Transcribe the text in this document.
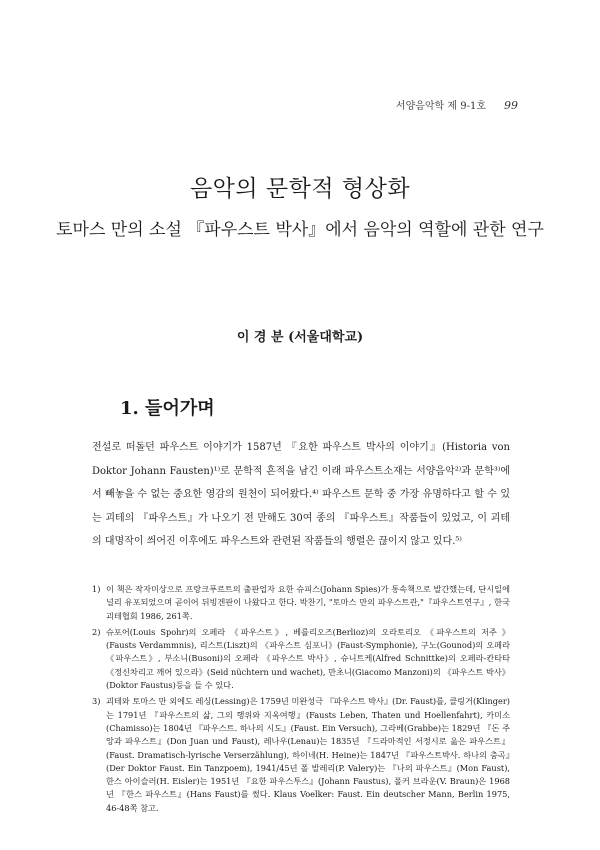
서양음악학 제 9-1호 99
음악의 문학적 형상화
토마스 만의 소설 『파우스트 박사』에서 음악의 역할에 관한 연구
이 경 분 (서울대학교)
1. 들어가며

전설로 떠돌던 파우스트 이야기가 1587년 『요한 파우스트 박사의 이야기』(Historia von Doktor Johann Fausten)¹⁾로 문학적 흔적을 남긴 이래 파우스트소재는 서양음악²⁾과 문학³⁾에서 빼놓을 수 없는 중요한 영감의 원천이 되어왔다.⁴⁾ 파우스트 문학 중 가장 유명하다고 할 수 있는 괴테의 『파우스트』가 나오기 전 만해도 30여 종의 『파우스트』작품들이 있었고, 이 괴테의 대명작이 씌어진 이후에도 파우스트와 관련된 작품들의 행렬은 끊이지 않고 있다.⁵⁾

1) 이 책은 작자미상으로 프랑크푸르트의 출판업자 요한 슈피스(Johann Spies)가 통속책으로 발간했는데, 단시일에 널리 유포되었으며 곧이어 뒤빙겐판이 나왔다고 한다. 박찬기, "토마스 만의 파우스트관,"『파우스트연구』, 한국괴테협회 1986, 261쪽.
2) 슈포어(Louis Spohr)의 오페라 《파우스트》, 베를리오즈(Berlioz)의 오라토리오 《파우스트의 저주 》(Fausts Verdammnis), 리스트(Liszt)의 《파우스트 심포니》(Faust-Symphonie), 구노(Gounod)의 오페라 《파우스트》, 부소니(Busoni)의 오페라 《파우스트 박사》, 슈니트케(Alfred Schnittke)의 오페라-칸타타 《정신차리고 깨어 있으라》(Seid nüchtern und wachet), 만초니(Giacomo Manzoni)의 《파우스트 박사》(Doktor Faustus)등을 들 수 있다.
3) 괴테와 토마스 만 외에도 레싱(Lessing)은 1759년 미완성극 『파우스트 박사』(Dr. Faust)를, 클링거(Klinger)는 1791년 『파우스트의 삶, 그의 행위와 지옥여행』(Fausts Leben, Thaten und Hoellenfahrt), 카미소(Chamisso)는 1804년 『파우스트. 하나의 시도』(Faust. Ein Versuch), 그라베(Grabbe)는 1829년 『돈 주앙과 파우스트』(Don Juan und Faust), 레나우(Lenau)는 1835년 『드라마적인 서정시로 읊은 파우스트』(Faust. Dramatisch-lyrische Verserzählung), 하이네(H. Heine)는 1847년 『파우스트박사. 하나의 춤곡』(Der Doktor Faust. Ein Tanzpoem), 1941/45년 폴 발레리(P. Valery)는 『나의 파우스트』(Mon Faust), 한스 아이슬러(H. Eisler)는 1951년 『요한 파우스투스』(Johann Faustus), 폴커 브라운(V. Braun)은 1968년 『한스 파우스트』(Hans Faust)를 썼다. Klaus Voelker: Faust. Ein deutscher Mann, Berlin 1975, 46-48쪽 참고.
